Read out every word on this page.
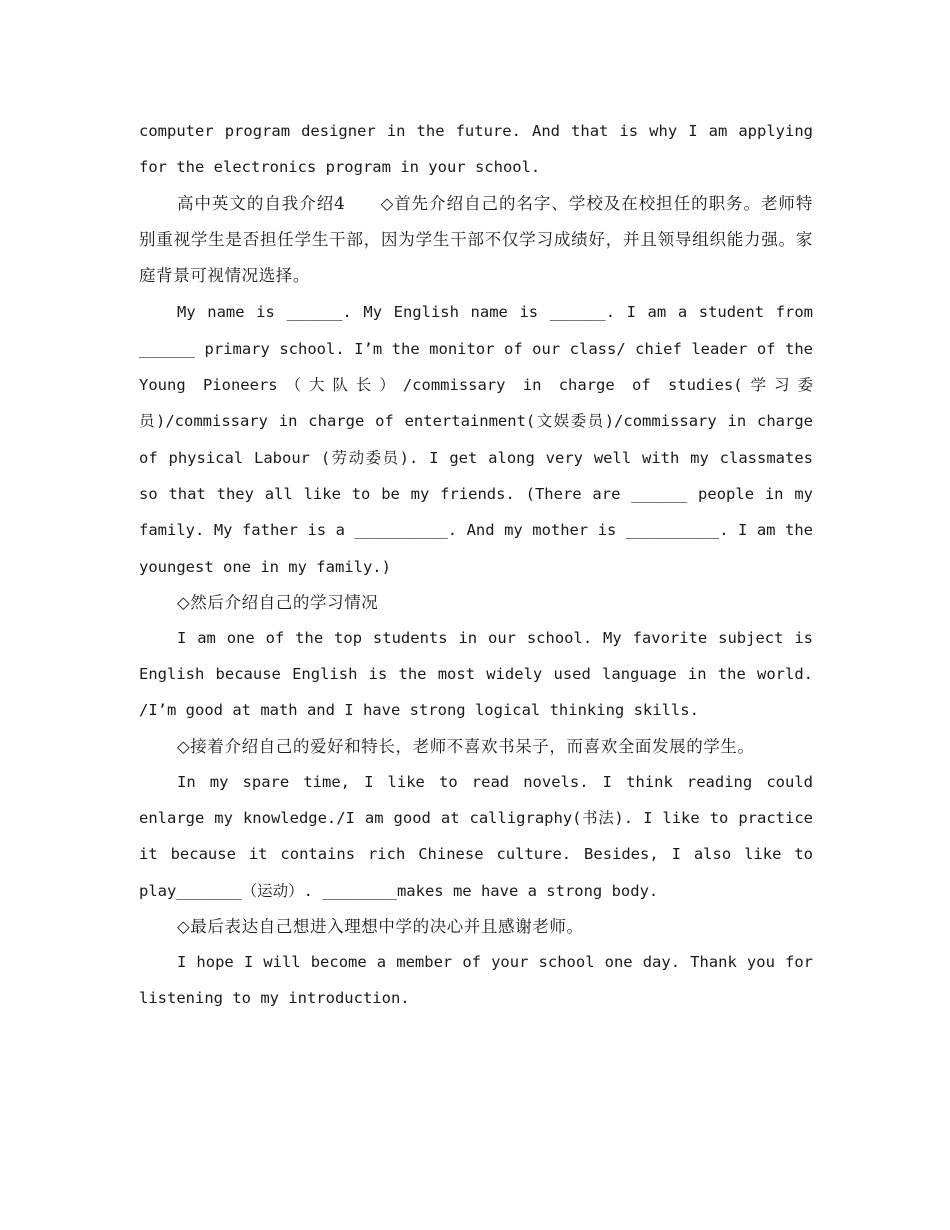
computer program designer in the future. And that is why I am applying for the electronics program in your school.

高中英文的自我介绍4　　◇首先介绍自己的名字、学校及在校担任的职务。老师特别重视学生是否担任学生干部，因为学生干部不仅学习成绩好，并且领导组织能力强。家庭背景可视情况选择。

My name is ______. My English name is ______. I am a student from ______ primary school. I’m the monitor of our class/ chief leader of the Young Pioneers（大队长）/commissary in charge of studies(学习委员)/commissary in charge of entertainment(文娱委员)/commissary in charge of physical Labour (劳动委员). I get along very well with my classmates so that they all like to be my friends. (There are ______ people in my family. My father is a __________. And my mother is __________. I am the youngest one in my family.)

◇然后介绍自己的学习情况

I am one of the top students in our school. My favorite subject is English because English is the most widely used language in the world. /I’m good at math and I have strong logical thinking skills.

◇接着介绍自己的爱好和特长，老师不喜欢书呆子，而喜欢全面发展的学生。

In my spare time, I like to read novels. I think reading could enlarge my knowledge./I am good at calligraphy(书法). I like to practice it because it contains rich Chinese culture. Besides, I also like to play_______（运动）. ________makes me have a strong body.

◇最后表达自己想进入理想中学的决心并且感谢老师。

I hope I will become a member of your school one day. Thank you for listening to my introduction.
